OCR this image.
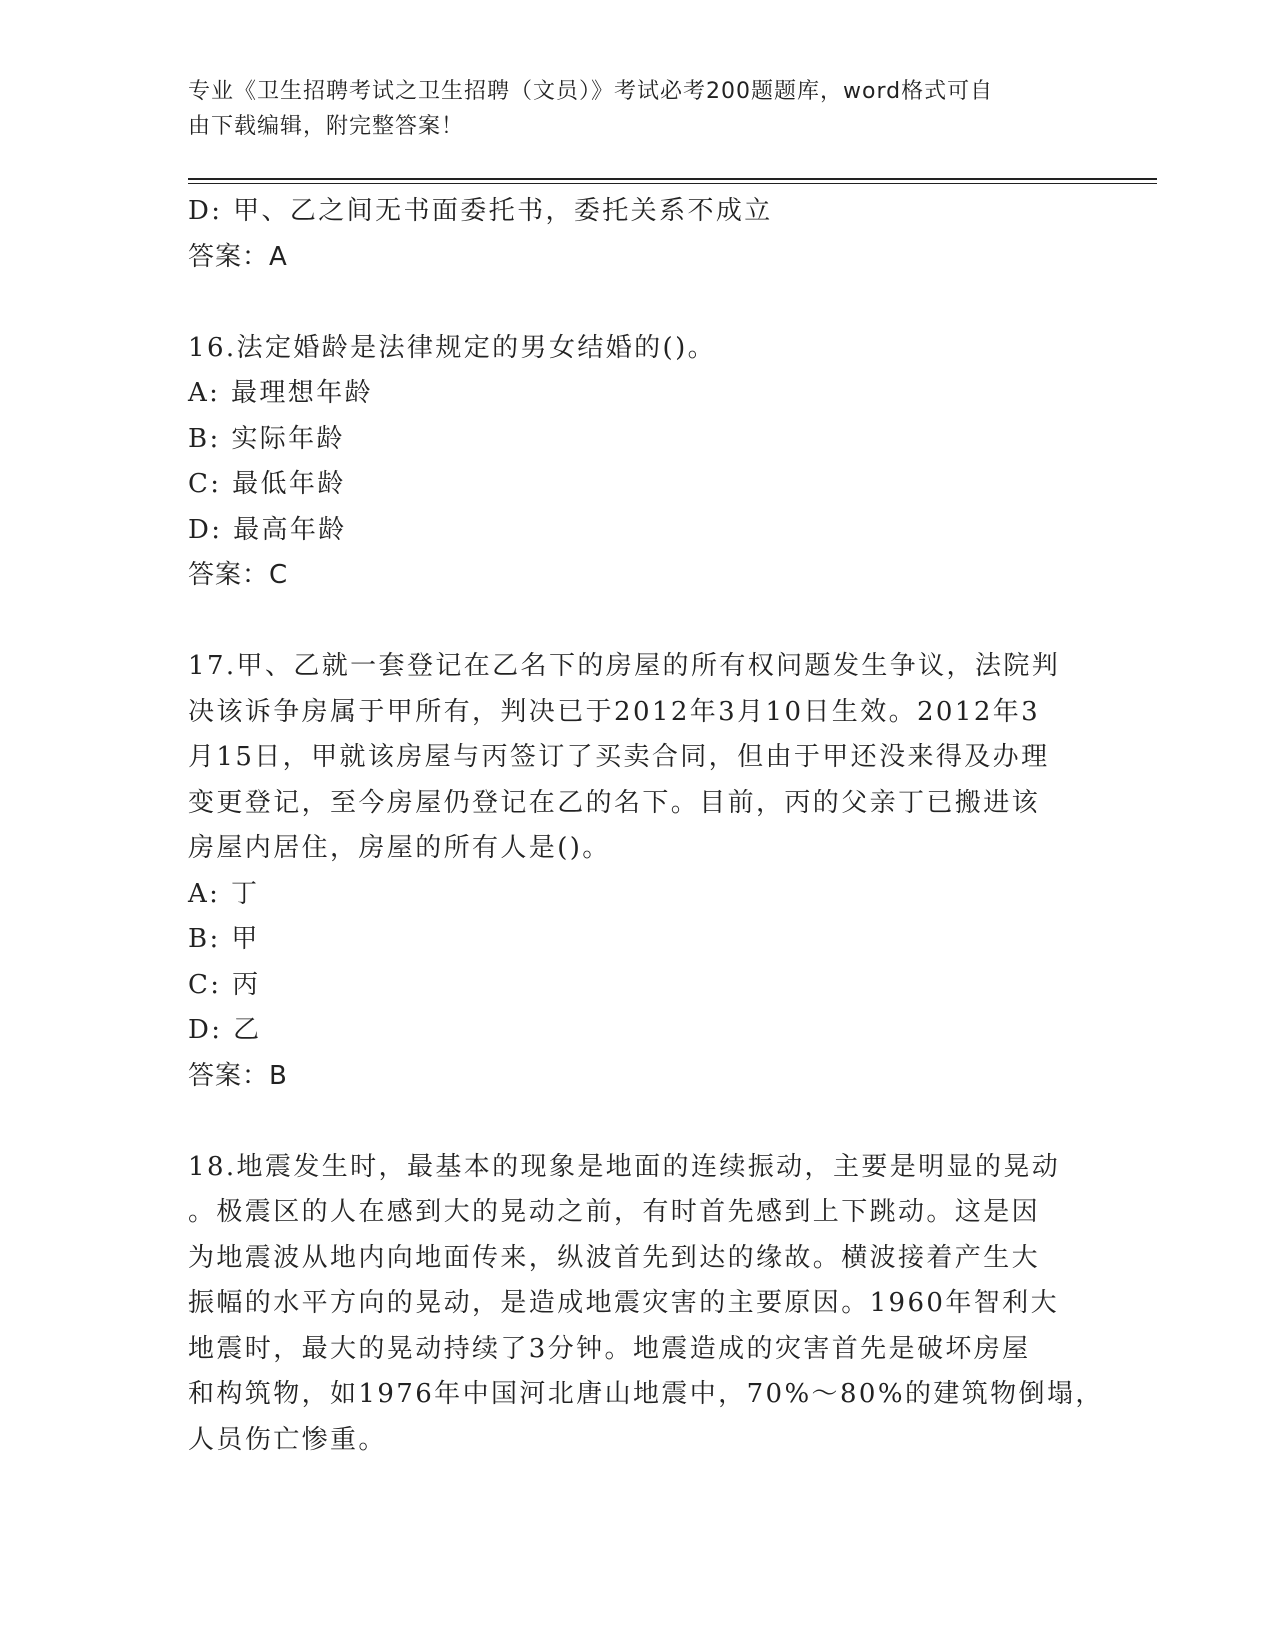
专业《卫生招聘考试之卫生招聘（文员）》考试必考200题题库，word格式可自
由下载编辑，附完整答案！
D: 甲、乙之间无书面委托书，委托关系不成立
答案：A
16.法定婚龄是法律规定的男女结婚的()。
A: 最理想年龄
B: 实际年龄
C: 最低年龄
D: 最高年龄
答案：C
17.甲、乙就一套登记在乙名下的房屋的所有权问题发生争议，法院判
决该诉争房属于甲所有，判决已于2012年3月10日生效。2012年3
月15日，甲就该房屋与丙签订了买卖合同，但由于甲还没来得及办理
变更登记，至今房屋仍登记在乙的名下。目前，丙的父亲丁已搬进该
房屋内居住，房屋的所有人是()。
A: 丁
B: 甲
C: 丙
D: 乙
答案：B
18.地震发生时，最基本的现象是地面的连续振动，主要是明显的晃动
。极震区的人在感到大的晃动之前，有时首先感到上下跳动。这是因
为地震波从地内向地面传来，纵波首先到达的缘故。横波接着产生大
振幅的水平方向的晃动，是造成地震灾害的主要原因。1960年智利大
地震时，最大的晃动持续了3分钟。地震造成的灾害首先是破坏房屋
和构筑物，如1976年中国河北唐山地震中，70%～80%的建筑物倒塌，
人员伤亡惨重。
